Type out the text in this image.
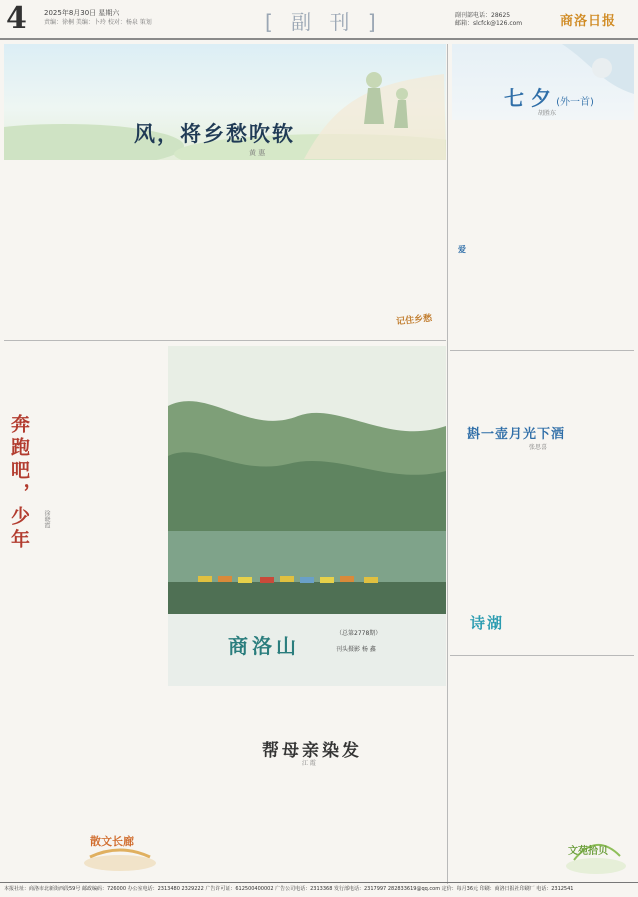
4 2025年8月30日 星期六
责编：徐桐 美编：卜玲 校对：杨泉 策划	[ 副 刊 ]	副刊部电话：28625
邮箱：slcfck@126.com	商洛日报
风，将乡愁吹软
黄 惠
七 夕 (外一首)
胡胜东
记住乡愁
奔跑吧，少年	徐晓霞
散文长廊
商洛山
（总第2778期）
刊头摄影 杨 鑫
帮母亲染发
江 霞
爱
斟一壶月光下酒
张思喜
诗湖
文苑拾贝
本报社址：商洛市北新街西段59号 邮政编码：726000 办公室电话：2313480 2329222 广告许可证：612500400002 广告公司电话：2313368 发行部电话：2317997 282833619@qq.com 定价：每月36元 印刷：商洛日报社印刷厂 电话：2312541
